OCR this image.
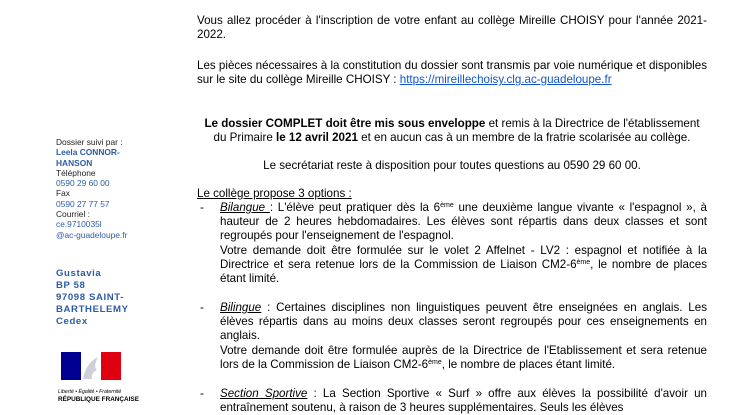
Dossier suivi par :
Leela CONNOR-HANSON
Téléphone
0590 29 60 00
Fax
0590 27 77 57
Courriel :
ce.9710035l
@ac-guadeloupe.fr
Gustavia
BP 58
97098 SAINT-
BARTHELEMY
Cedex
Liberté • Égalité • Fraternité
RÉPUBLIQUE FRANÇAISE

Vous allez procéder à l'inscription de votre enfant au collège Mireille CHOISY pour l'année 2021-2022.

Les pièces nécessaires à la constitution du dossier sont transmis par voie numérique et disponibles sur le site du collège Mireille CHOISY : https://mireillechoisy.clg.ac-guadeloupe.fr

Le dossier COMPLET doit être mis sous enveloppe et remis à la Directrice de l'établissement du Primaire le 12 avril 2021 et en aucun cas à un membre de la fratrie scolarisée au collège.

Le secrétariat reste à disposition pour toutes questions au 0590 29 60 00.

Le collège propose 3 options :

- Bilangue : L'élève peut pratiquer dès la 6ème une deuxième langue vivante « l'espagnol », à hauteur de 2 heures hebdomadaires. Les élèves sont répartis dans deux classes et sont regroupés pour l'enseignement de l'espagnol.
Votre demande doit être formulée sur le volet 2 Affelnet - LV2 : espagnol et notifiée à la Directrice et sera retenue lors de la Commission de Liaison CM2-6ème, le nombre de places étant limité.
- Bilingue : Certaines disciplines non linguistiques peuvent être enseignées en anglais. Les élèves répartis dans au moins deux classes seront regroupés pour ces enseignements en anglais.
Votre demande doit être formulée auprès de la Directrice de l'Etablissement et sera retenue lors de la Commission de Liaison CM2-6ème, le nombre de places étant limité.
- Section Sportive : La Section Sportive « Surf » offre aux élèves la possibilité d'avoir un entraînement soutenu, à raison de 3 heures supplémentaires. Seuls les élèves
